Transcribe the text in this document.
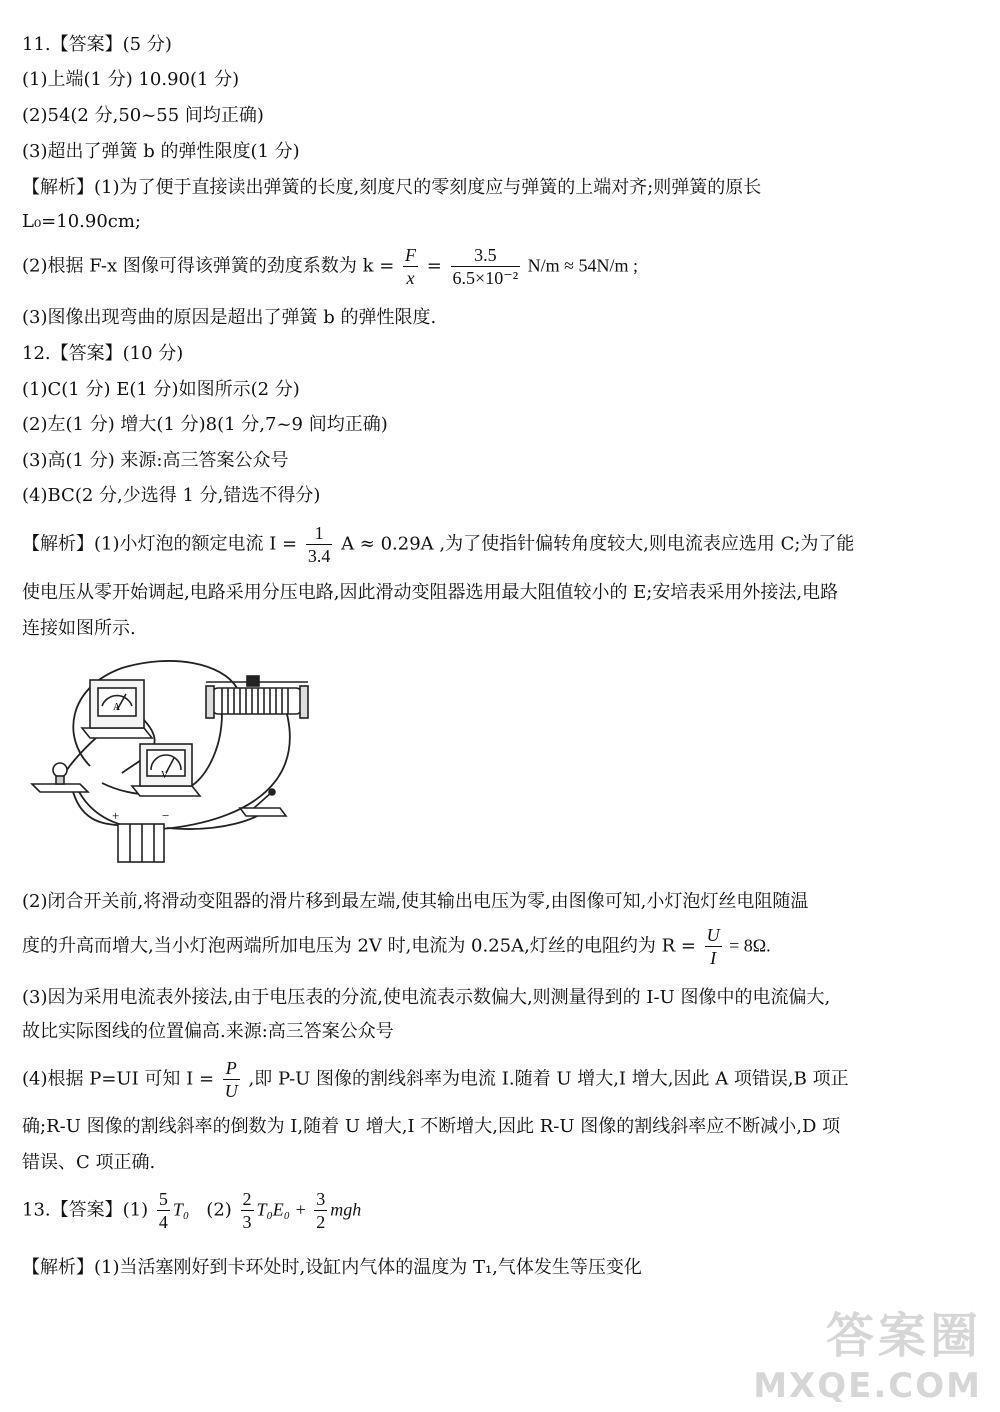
11.【答案】(5 分)
(1)上端(1 分) 10.90(1 分)
(2)54(2 分,50~55 间均正确)
(3)超出了弹簧 b 的弹性限度(1 分)
【解析】(1)为了便于直接读出弹簧的长度,刻度尺的零刻度应与弹簧的上端对齐;则弹簧的原长
L₀=10.90cm;
(2)根据 F-x 图像可得该弹簧的劲度系数为 $k = \frac{F}{x} = \frac{3.5}{\text{6.5×10⁻²}} N/m \approx 54N/m$ ;
(3)图像出现弯曲的原因是超出了弹簧 b 的弹性限度.
12.【答案】(10 分)
(1)C(1 分) E(1 分)如图所示(2 分)
(2)左(1 分) 增大(1 分)8(1 分,7~9 间均正确)
(3)高(1 分) 来源:高三答案公众号
(4)BC(2 分,少选得 1 分,错选不得分)
【解析】(1)小灯泡的额定电流 $I = \frac{1}{3.4}$ A ≈ 0.29A ,为了使指针偏转角度较大,则电流表应选用 C;为了能
使电压从零开始调起,电路采用分压电路,因此滑动变阻器选用最大阻值较小的 E;安培表采用外接法,电路
连接如图所示.
A
V
+	−
(2)闭合开关前,将滑动变阻器的滑片移到最左端,使其输出电压为零,由图像可知,小灯泡灯丝电阻随温
度的升高而增大,当小灯泡两端所加电压为 2V 时,电流为 0.25A,灯丝的电阻约为 $R = \frac{U}{I} = 8\Omega$.
(3)因为采用电流表外接法,由于电压表的分流,使电流表示数偏大,则测量得到的 I-U 图像中的电流偏大,
故比实际图线的位置偏高.来源:高三答案公众号
(4)根据 P=UI 可知 $I = \frac{P}{U}$ ,即 P-U 图像的割线斜率为电流 I.随着 U 增大,I 增大,因此 A 项错误,B 项正
确;R-U 图像的割线斜率的倒数为 I,随着 U 增大,I 不断增大,因此 R-U 图像的割线斜率应不断减小,D 项
错误、C 项正确.
13.【答案】$(1) \frac{5}{4} T_0$   $(2) \frac{2}{3} T_0E_0 + \frac{3}{2}$ mgh
【解析】(1)当活塞刚好到卡环处时,设缸内气体的温度为 T₁,气体发生等压变化
答案圈
MXQE.COM
